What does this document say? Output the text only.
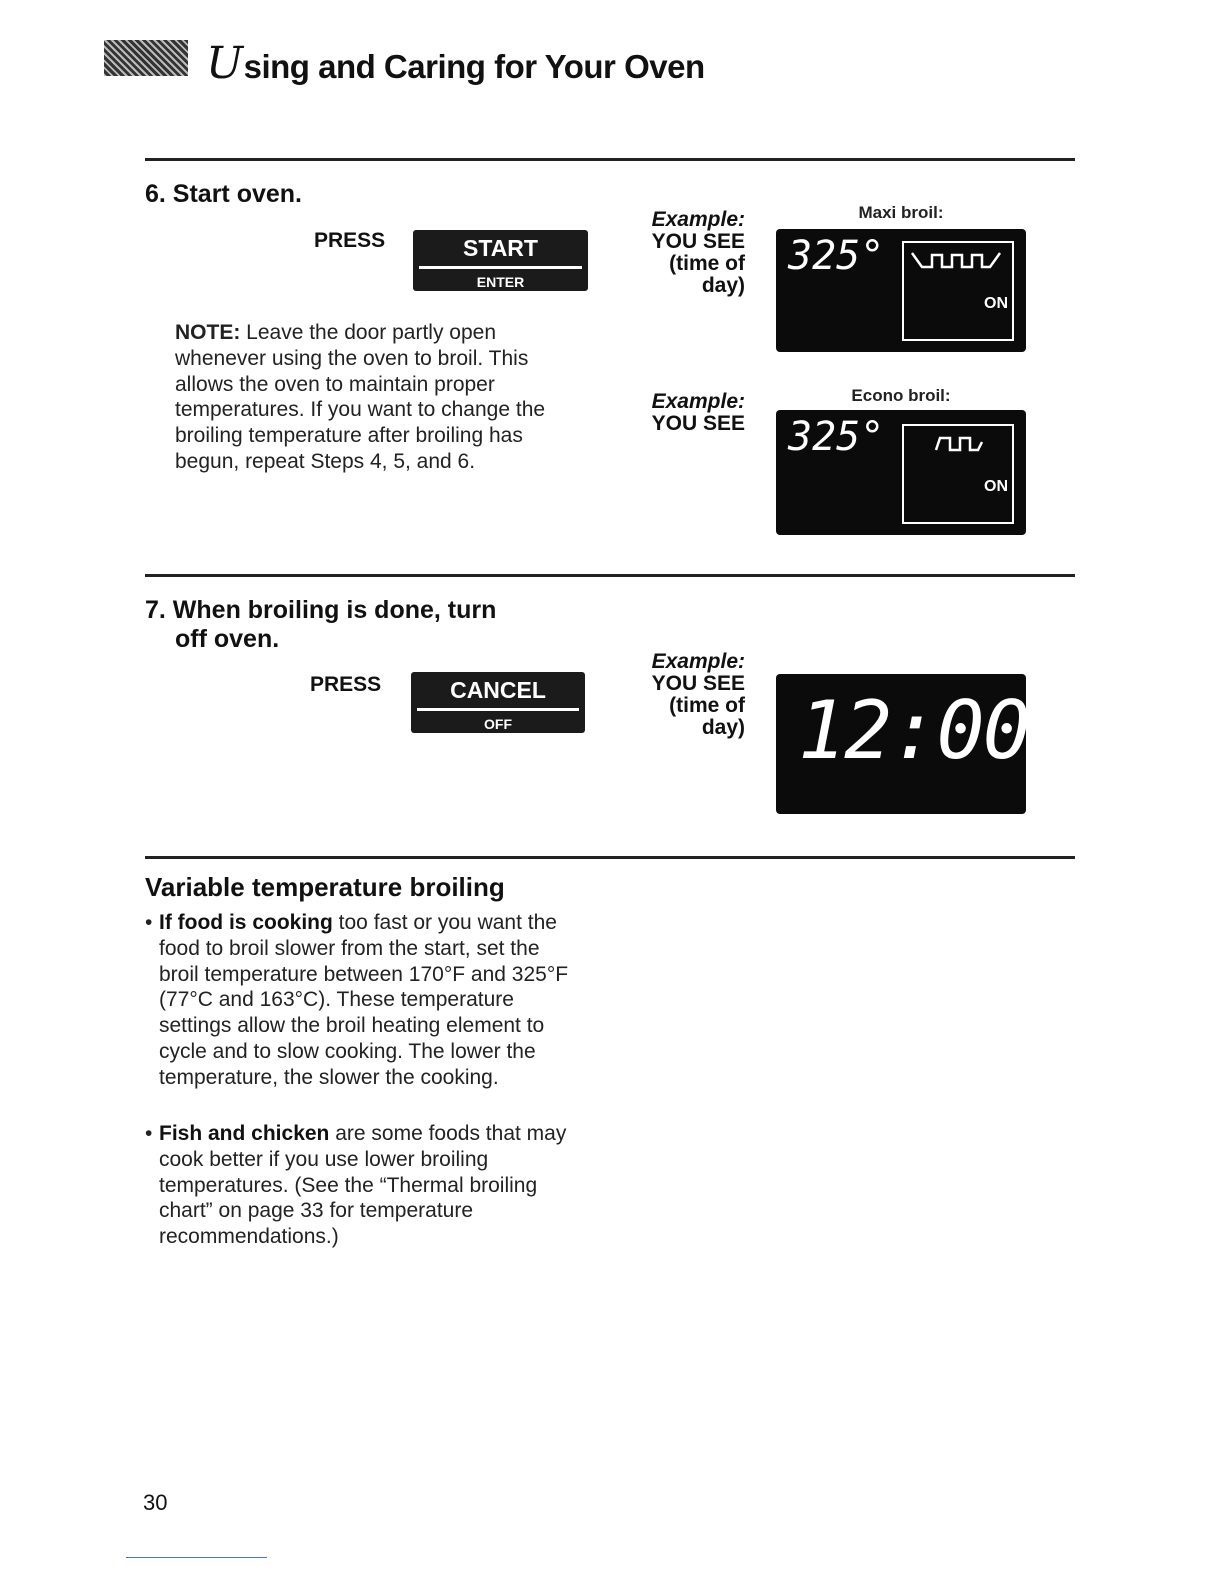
Using and Caring for Your Oven
6. Start oven.
PRESS	START
ENTER
NOTE: Leave the door partly open whenever using the oven to broil. This allows the oven to maintain proper temperatures. If you want to change the broiling temperature after broiling has begun, repeat Steps 4, 5, and 6.
Example:
YOU SEE
(time of
day)
Maxi broil:
325°
ON
Example:
YOU SEE
Econo broil:
325°
ON
7. When broiling is done, turn
off oven.
PRESS	CANCEL
OFF
Example:
YOU SEE
(time of
day) 12:00
Variable temperature broiling
• If food is cooking too fast or you want the food to broil slower from the start, set the broil temperature between 170°F and 325°F (77°C and 163°C). These temperature settings allow the broil heating element to cycle and to slow cooking. The lower the temperature, the slower the cooking.
• Fish and chicken are some foods that may cook better if you use lower broiling temperatures. (See the “Thermal broiling chart” on page 33 for temperature recommendations.)
30
